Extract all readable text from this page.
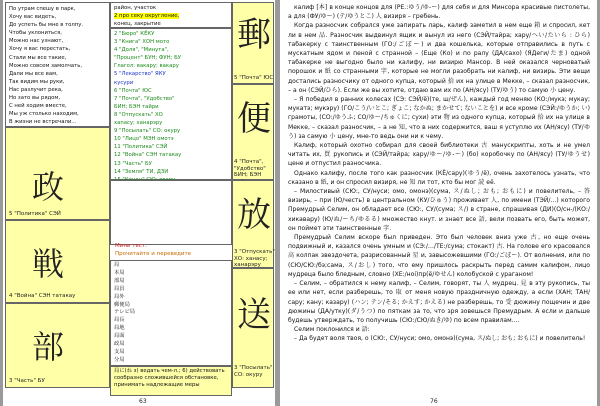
По утрам спешу в парк,
Хочу вас видеть,
До успеть бы мне в толпу.
Чтобы уклониться,
Можно нас узнают,
Хочу я вас перестать,
Стали мы все такие,
Можно совсем замолчать,
Дали мы все вам,
Так видим мы руки,
Нас разлучит река,
Но зато вы рядом,
С ней ходим вместе,
Мы уж столько находим,
В жизни не встречали...
район, участок
2 про секу округление,
конец, закрытие
2 "Бюро" КЁКУ
3 "Книга" ХОН мото
4 "Доля", "Минута",
"Процент" БУН; ФУН; БУ
Глагол: вакару; вакару
5 "Лекарство" ЯКУ
кусури
6 "Почта" ЮС
7 "Почта", "Удобство"
БИН; БЭН тайри
8 "Отпускать" ХО
хanасу; ханарэру
9 "Посылать" СО: окуру
10 "Лицо" МЭН омотэ
11 "Политика" СЭЙ
12 "Война" СЭН татакау
13 "Часть" БУ
14 "Земля" ТИ, ДЗИ
郵
5 "Почта" ЮС
便
4 "Почта", "Удобство" БИН; БЭН
放
3 "Отпускать" ХО: ханасу; ханарэру
送
3 "Посылать" СО: окуру
政
5 "Политика" СЭЙ
戦
4 "Война" СЭН татакау
部
3 "Часть" БУ
Мини тест.
Прочитайте и переведите
局
本局
部局
局員
局外
郵便局
テレビ局
局長
局地
局面
政局
支局
分局
局に(ね з) ведать чем-л.; 6) действовать сообразно сложившейся обстановке, принимать надлежащие меры
63

калиф [本] в конце концов для (РЕ.:ゆう/ゆ-ー) для себя и для Минсора красивые пистолеты, а для (ФУ/ゆー) (テ/ゆうとこ) 人 визиря – гребень.

Когда разносчик собрался уже запирать ларь, калиф заметил в нем еще 箱 и спросил, кет ли в нем 品. Разносчик выдвинул ящик и вынул из него (СЭЙ/тайра; хару/へい/たいら : ひら) табакерку с таинственным (ГО:/ごぼー) и два кошелька, которые отправились в путь с мускатным ядом и пеной с странной – (Еще (Ко) и по ралу (ДА/сахо) (ЯДеги/たま) одной табакерке не выгодно было ни калифу, ни визирю Мансор. В ней оказался черноватый порошок и 紙 со странными 字, которые не могли разобрать ни калиф, ни визирь. Эти вещи достались разносчику от одного купца, который 拾 их на улице в Мекке, – сказал разносчик, – а он (СЭЙ/ひら). Если же вы хотите, отдаю вам их по (АН/ясу) (ТУ/ゆう) то самую 小 цену.

– Я победил в ранних колесах (СЭ: СЭЙ/ё)(те, ш/ぜん), каждый год меняю (КО:/мукэ; мукау; мукатэ; мукэру) (ГО/こう/いとこ; ぎょこ; なかぬ; まかせて; ないことを) и все кроме (СЭЙ:/ゆうか; い) грамоты, (СО:/ゆうふ; СО/ゆー/ちゅくに; сухи) эти 物 из одного купца, который 拾 их на улице в Мекке, – сказал разносчик, – а не 知, что в них содержится, ваш я уступлю их (АН/ясу) (ТУ/ゆう) за самую 小 цену, мне-то ведь они ни к чему.

Калиф, который охотно собирал для своей библиотеки 古 манускрипты, хоть и не умел читать их, 買 рукопись и (СЭЙ/тайра; хару/ゆー/ゆ-ー) (бо) коробочку по (АН/ясу) (ТУ/ゆうせ) цене и отпустил разносчика.

Однако калифу, после того как разносчик (КЁ/сару)(ゆう/ё), очень захотелось узнать, что сказано в 紙, и он спросил визиря, не 知 ли тот, кто бы мог 読 её.

– Милостивый (СЮ:, СУ/нуси; омо, омонэ)(сума, ス/ぬし; おも; おもに) и повелитель, – 答 визирь, – при (Ю/честь) в центральном (КУ/ひゅう) проживает 人, по имени (ТЭЙ/…) которого Премудрый Селим, он обладает все (СЮ:, СУ/(сума; ス/) в стране, спрашивая (ДИ)(О/сн-/(КО:/хикавару) (Ю/ぬ/ーち/ゆるる) множество кнут. и знает все 語, вели позвать его, быть может, он поймет эти таинственные 字.

Премудрый Селим вскоре был приведен. Это был человек вниз уже 古, но еще очень подвижный и, казался очень умным и (СЭ:/…/ТЕ:/сума; стокакт) 古. На голове его красовался 高 колпак звездочета, разрисованный 星 и, завысожевшими (ГО:/ごぼー). От волнения, или по (СЮ/СЮ:/бэ;сама, ス/おし) того, что ему пришлось раскрыть перед самим калифом, лицо мудреца было бледным, словно (ХЕ:/ноi)пр(ё/ゆせん) колобуской с ураганом!

– Селим, – обратился к нему калиф, – Селим, говорят, ты 人 мудрец. 見 в эту рукопись, ты ее или нет, если разберешь, то 取 от меня новую праздничную одежду, а если (ХАН; ТАН/сару; кану; казару) (ハン; テン/そる; かえす; かえる) не разберешь, то 受 дюжину пощечин и две дюжины (ДА/утку)(ダ/うつ) по пяткам за то, что зря зовешься Премудрым. А если и дальше будешь утверждать, то получишь (СЮ:/СЮ/ぬき/ゆ) по всем правилам....

Селим поклонился и 語:

– Да будет воля твоя, о (СЮ:, СУ/нуси; омо, омонэ)(сума, ス/ぬし; おも; おもに) и повелитель!

76
